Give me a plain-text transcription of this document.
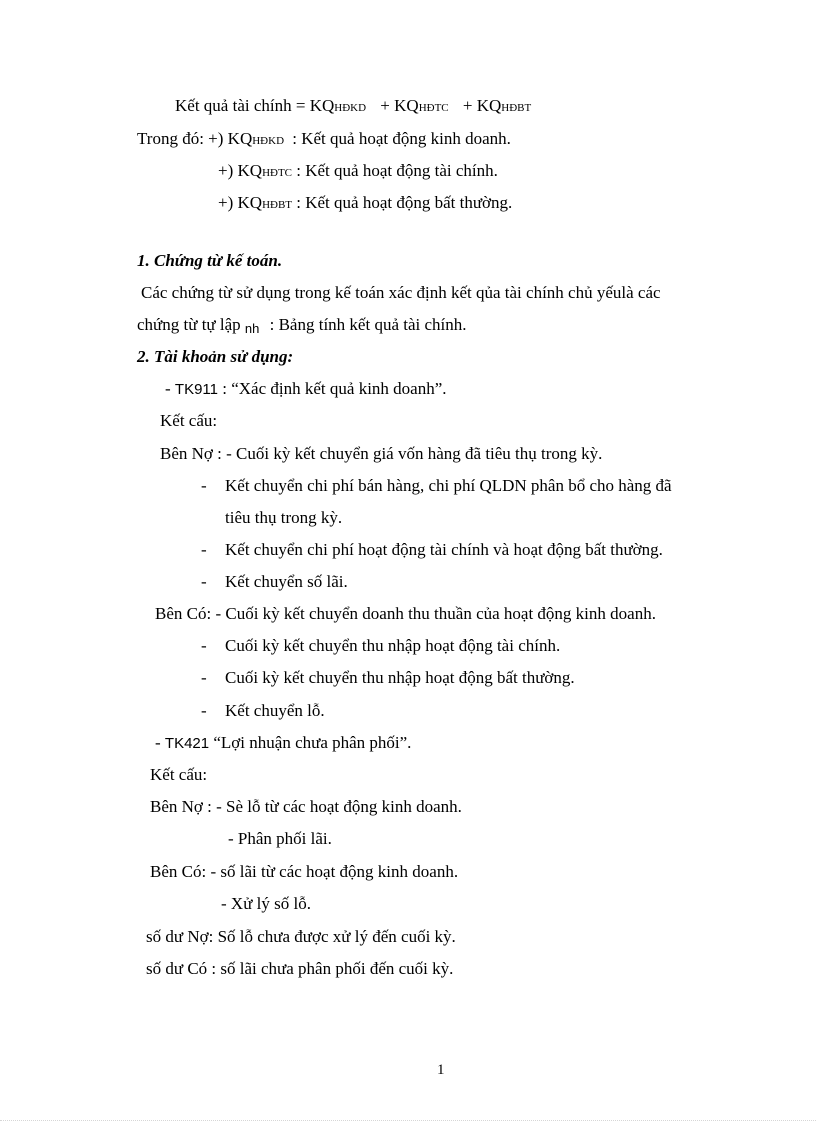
Kết quả tài chính = KQHĐKD + KQHĐTC + KQHĐBT
Trong đó: +) KQHĐKD : Kết quả hoạt động kinh doanh.
+) KQHĐTC : Kết quả hoạt động tài chính.
+) KQHĐBT : Kết quả hoạt động bất thường.
1. Chứng từ kế toán.
Các chứng từ sử dụng trong kế toán xác định kết qủa tài chính chủ yếulà các
chứng từ tự lập nh : Bảng tính kết quả tài chính.
2. Tài khoản sử dụng:
- TK911 : “Xác định kết quả kinh doanh”.
Kết cấu:
Bên Nợ : - Cuối kỳ kết chuyển giá vốn hàng đã tiêu thụ trong kỳ.
- Kết chuyển chi phí bán hàng, chi phí QLDN phân bổ cho hàng đã
tiêu thụ trong kỳ.
- Kết chuyển chi phí hoạt động tài chính và hoạt động bất thường.
- Kết chuyển số lãi.
Bên Có: - Cuối kỳ kết chuyển doanh thu thuần của hoạt động kinh doanh.
- Cuối kỳ kết chuyển thu nhập hoạt động tài chính.
- Cuối kỳ kết chuyển thu nhập hoạt động bất thường.
- Kết chuyển lỗ.
- TK421 “Lợi nhuận chưa phân phối”.
Kết cấu:
Bên Nợ : - Sè lỗ từ các hoạt động kinh doanh.
- Phân phối lãi.
Bên Có: - số lãi từ các hoạt động kinh doanh.
- Xử lý số lỗ.
số dư Nợ: Số lỗ chưa được xử lý đến cuối kỳ.
số dư Có : số lãi chưa phân phối đến cuối kỳ.
1
